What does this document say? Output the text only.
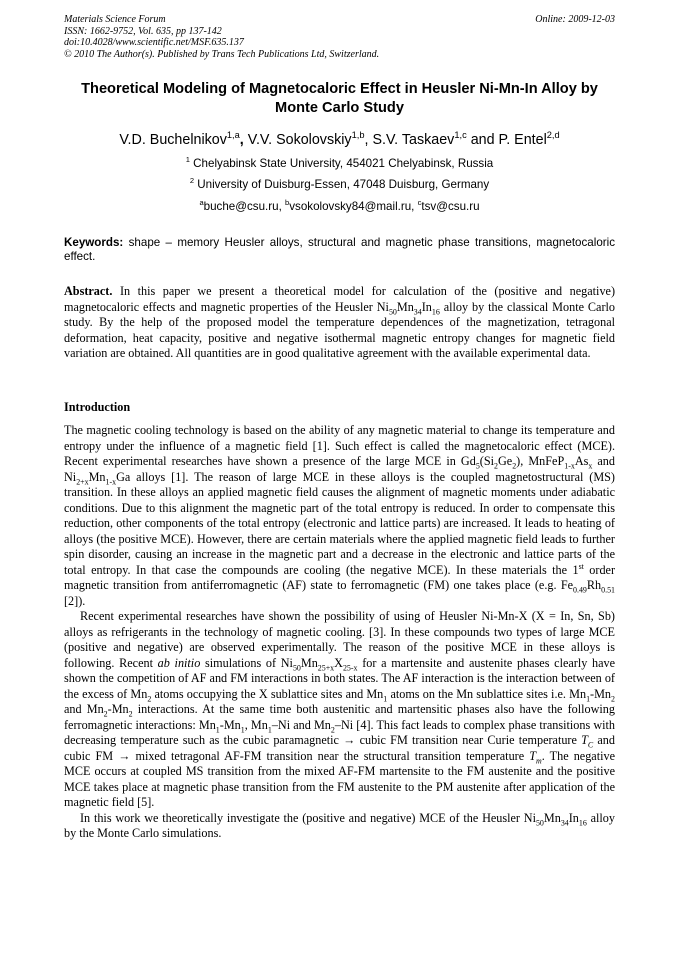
Materials Science Forum	Online: 2009-12-03
ISSN: 1662-9752, Vol. 635, pp 137-142
doi:10.4028/www.scientific.net/MSF.635.137
© 2010 The Author(s). Published by Trans Tech Publications Ltd, Switzerland.
Theoretical Modeling of Magnetocaloric Effect in Heusler Ni-Mn-In Alloy by Monte Carlo Study
V.D. Buchelnikov$^{1,a}$, V.V. Sokolovskiy$^{1,b}$, S.V. Taskaev$^{1,c}$ and P. Entel$^{2,d}$
$^1$ Chelyabinsk State University, 454021 Chelyabinsk, Russia
$^2$ University of Duisburg-Essen, 47048 Duisburg, Germany
$^a$buche@csu.ru, $^b$vsokolovsky84@mail.ru, $^c$tsv@csu.ru
Keywords: shape – memory Heusler alloys, structural and magnetic phase transitions, magnetocaloric effect.
Abstract. In this paper we present a theoretical model for calculation of the (positive and negative) magnetocaloric effects and magnetic properties of the Heusler $Ni_{50}Mn_{34}In_{16}$ alloy by the classical Monte Carlo study. By the help of the proposed model the temperature dependences of the magnetization, tetragonal deformation, heat capacity, positive and negative isothermal magnetic entropy changes for magnetic field variation are obtained. All quantities are in good qualitative agreement with the available experimental data.
Introduction

The magnetic cooling technology is based on the ability of any magnetic material to change its temperature and entropy under the influence of a magnetic field [1]. Such effect is called the magnetocaloric effect (MCE). Recent experimental researches have shown a presence of the large MCE in $Gd_5(Si_2Ge_2)$, $MnFeP_{1-x}As_x$ and $Ni_{2+x}Mn_{1-x}Ga$ alloys [1]. The reason of large MCE in these alloys is the coupled magnetostructural (MS) transition. In these alloys an applied magnetic field causes the alignment of magnetic moments under adiabatic conditions. Due to this alignment the magnetic part of the total entropy is reduced. In order to compensate this reduction, other components of the total entropy (electronic and lattice parts) are increased. It leads to heating of alloys (the positive MCE). However, there are certain materials where the applied magnetic field leads to further spin disorder, causing an increase in the magnetic part and a decrease in the electronic and lattice parts of the total entropy. In that case the compounds are cooling (the negative MCE). In these materials the 1st order magnetic transition from antiferromagnetic (AF) state to ferromagnetic (FM) one takes place (e.g. $Fe_{0.49}Rh_{0.51}$ [2]).

Recent experimental researches have shown the possibility of using of Heusler Ni-Mn-X (X = In, Sn, Sb) alloys as refrigerants in the technology of magnetic cooling. [3]. In these compounds two types of large MCE (positive and negative) are observed experimentally. The reason of the positive MCE in these alloys is following. Recent ab initio simulations of $Ni_{50}Mn_{25+x}X_{25-x}$ for a martensite and austenite phases clearly have shown the competition of AF and FM interactions in both states. The AF interaction is the interaction between of the excess of $Mn_2$ atoms occupying the X sublattice sites and $Mn_1$ atoms on the Mn sublattice sites i.e. $Mn_1-Mn_2$ and $Mn_2-Mn_2$ interactions. At the same time both austenitic and martensitic phases also have the following ferromagnetic interactions: $Mn_1-Mn_1$, $Mn_1-Ni$ and $Mn_2-Ni$ [4]. This fact leads to complex phase transitions with decreasing temperature such as the cubic paramagnetic → cubic FM transition near Curie temperature $T_C$ and cubic FM → mixed tetragonal AF-FM transition near the structural transition temperature $T_m$. The negative MCE occurs at coupled MS transition from the mixed AF-FM martensite to the FM austenite and the positive MCE takes place at magnetic phase transition from the FM austenite to the PM austenite after application of the magnetic field [5].

In this work we theoretically investigate the (positive and negative) MCE of the Heusler $Ni_{50}Mn_{34}In_{16}$ alloy by the Monte Carlo simulations.
